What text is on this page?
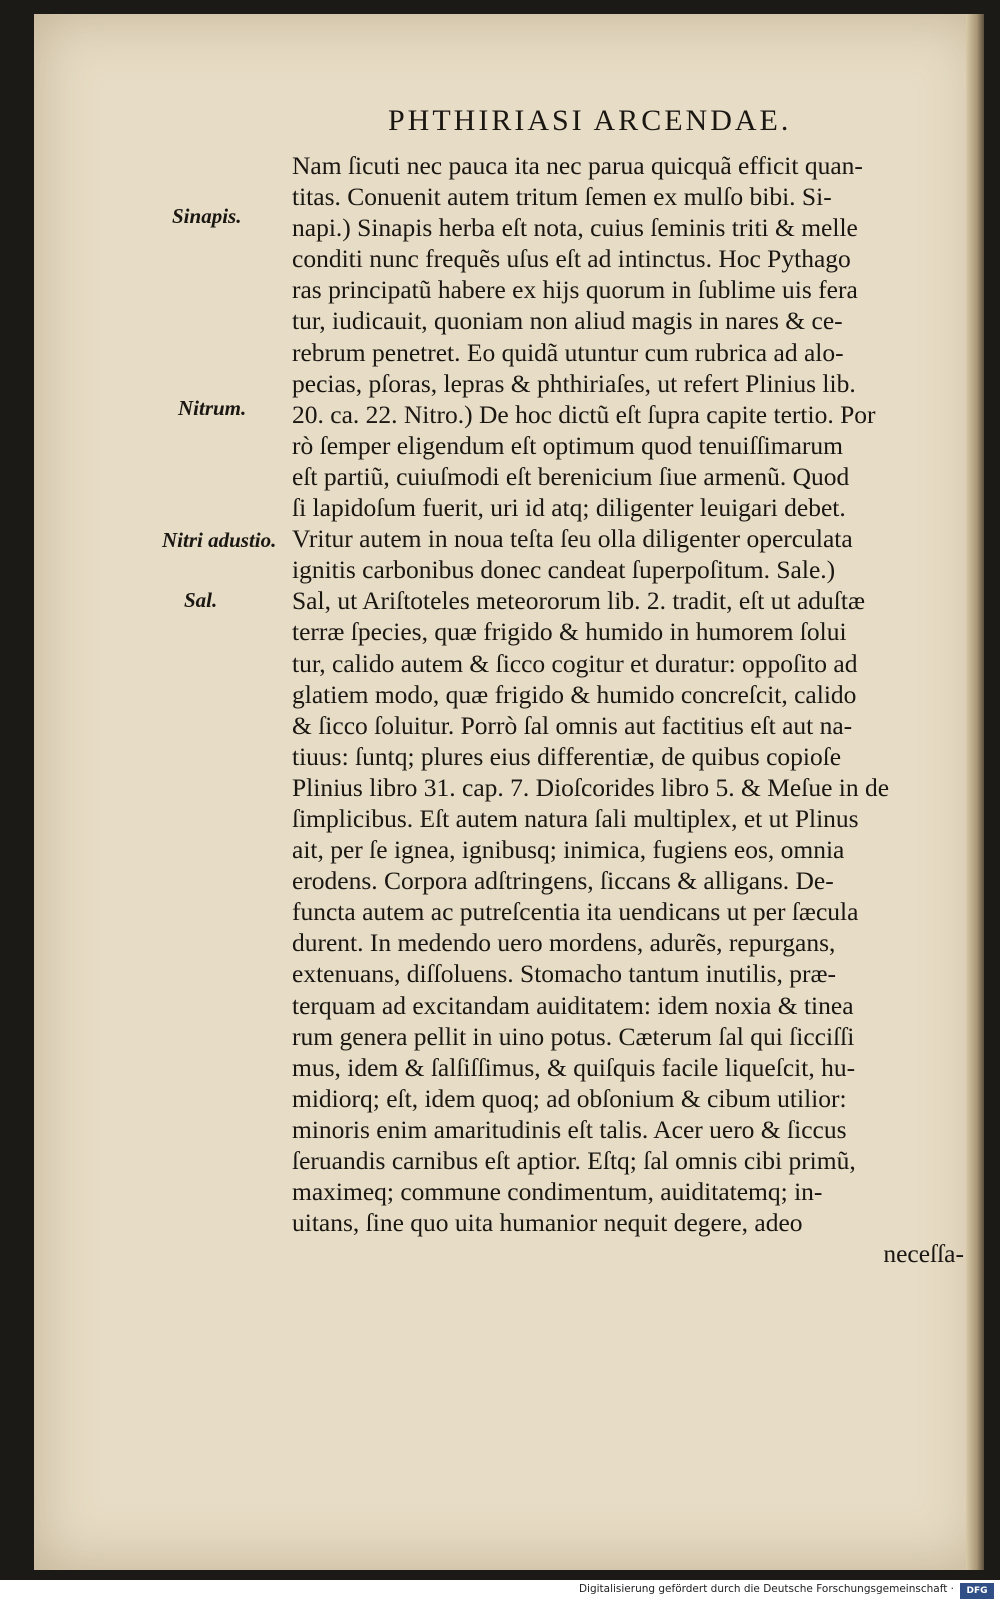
PHTHIRIASI ARCENDAE.
Sinapis.
Nitrum.
Nitri adustio.
Sal.
Nam ſicuti nec pauca ita nec parua quicquã efficit quan-
titas. Conuenit autem tritum ſemen ex mulſo bibi. Si-
napi.) Sinapis herba eſt nota, cuius ſeminis triti & melle
conditi nunc frequẽs uſus eſt ad intinctus. Hoc Pythago
ras principatũ habere ex hijs quorum in ſublime uis fera
tur, iudicauit, quoniam non aliud magis in nares & ce-
rebrum penetret. Eo quidã utuntur cum rubrica ad alo-
pecias, pſoras, lepras & phthiriaſes, ut refert Plinius lib.
20. ca. 22. Nitro.) De hoc dictũ eſt ſupra capite tertio. Por
rò ſemper eligendum eſt optimum quod tenuiſſimarum
eſt partiũ, cuiuſmodi eſt berenicium ſiue armenũ. Quod
ſi lapidoſum fuerit, uri id atq; diligenter leuigari debet.
Vritur autem in noua teſta ſeu olla diligenter operculata
ignitis carbonibus donec candeat ſuperpoſitum. Sale.)
Sal, ut Ariſtoteles meteororum lib. 2. tradit, eſt ut aduſtæ
terræ ſpecies, quæ frigido & humido in humorem ſolui
tur, calido autem & ſicco cogitur et duratur: oppoſito ad
glatiem modo, quæ frigido & humido concreſcit, calido
& ſicco ſoluitur. Porrò ſal omnis aut factitius eſt aut na-
tiuus: ſuntq; plures eius differentiæ, de quibus copioſe
Plinius libro 31. cap. 7. Dioſcorides libro 5. & Meſue in de
ſimplicibus. Eſt autem natura ſali multiplex, et ut Plinus
ait, per ſe ignea, ignibusq; inimica, fugiens eos, omnia
erodens. Corpora adſtringens, ſiccans & alligans. De-
functa autem ac putreſcentia ita uendicans ut per ſæcula
durent. In medendo uero mordens, adurẽs, repurgans,
extenuans, diſſoluens. Stomacho tantum inutilis, præ-
terquam ad excitandam auiditatem: idem noxia & tinea
rum genera pellit in uino potus. Cæterum ſal qui ſicciſſi
mus, idem & ſalſiſſimus, & quiſquis facile liqueſcit, hu-
midiorq; eſt, idem quoq; ad obſonium & cibum utilior:
minoris enim amaritudinis eſt talis. Acer uero & ſiccus
ſeruandis carnibus eſt aptior. Eſtq; ſal omnis cibi primũ,
maximeq; commune condimentum, auiditatemq; in-
uitans, ſine quo uita humanior nequit degere, adeo
neceſſa-
Digitalisierung gefördert durch die Deutsche Forschungsgemeinschaft ·	DFG
